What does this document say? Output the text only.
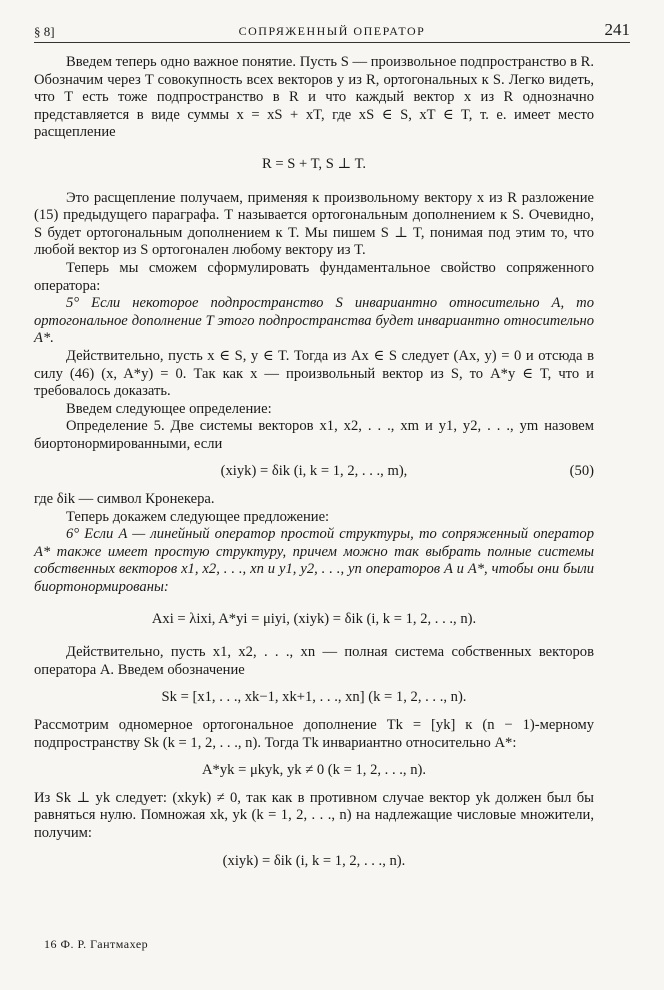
§ 8]	СОПРЯЖЕННЫЙ ОПЕРАТОР	241

Введем теперь одно важное понятие. Пусть S — произвольное подпространство в R. Обозначим через T совокупность всех векторов y из R, ортогональных к S. Легко видеть, что T есть тоже подпространство в R и что каждый вектор x из R однозначно представляется в виде суммы x = xS + xT, где xS ∈ S, xT ∈ T, т. е. имеет место расщепление

R = S + T, S ⊥ T.

Это расщепление получаем, применяя к произвольному вектору x из R разложение (15) предыдущего параграфа. T называется ортогональным дополнением к S. Очевидно, S будет ортогональным дополнением к T. Мы пишем S ⊥ T, понимая под этим то, что любой вектор из S ортогонален любому вектору из T.

Теперь мы сможем сформулировать фундаментальное свойство сопряженного оператора:

5° Если некоторое подпространство S инвариантно относительно A, то ортогональное дополнение T этого подпространства будет инвариантно относительно A*.

Действительно, пусть x ∈ S, y ∈ T. Тогда из Ax ∈ S следует (Ax, y) = 0 и отсюда в силу (46) (x, A*y) = 0. Так как x — произвольный вектор из S, то A*y ∈ T, что и требовалось доказать.

Введем следующее определение:

Определение 5. Две системы векторов x1, x2, . . ., xm и y1, y2, . . ., ym назовем биортонормированными, если

(xiyk) = δik (i, k = 1, 2, . . ., m),	(50)

где δik — символ Кронекера.

Теперь докажем следующее предложение:

6° Если A — линейный оператор простой структуры, то сопряженный оператор A* также имеет простую структуру, причем можно так выбрать полные системы собственных векторов x1, x2, . . ., xn и y1, y2, . . ., yn операторов A и A*, чтобы они были биортонормированы:

Axi = λixi, A*yi = μiyi, (xiyk) = δik (i, k = 1, 2, . . ., n).

Действительно, пусть x1, x2, . . ., xn — полная система собственных векторов оператора A. Введем обозначение

Sk = [x1, . . ., xk−1, xk+1, . . ., xn] (k = 1, 2, . . ., n).

Рассмотрим одномерное ортогональное дополнение Tk = [yk] к (n − 1)-мерному подпространству Sk (k = 1, 2, . . ., n). Тогда Tk инвариантно относительно A*:

A*yk = μkyk, yk ≠ 0 (k = 1, 2, . . ., n).

Из Sk ⊥ yk следует: (xkyk) ≠ 0, так как в противном случае вектор yk должен был бы равняться нулю. Помножая xk, yk (k = 1, 2, . . ., n) на надлежащие числовые множители, получим:

(xiyk) = δik (i, k = 1, 2, . . ., n).

16 Ф. Р. Гантмахер
